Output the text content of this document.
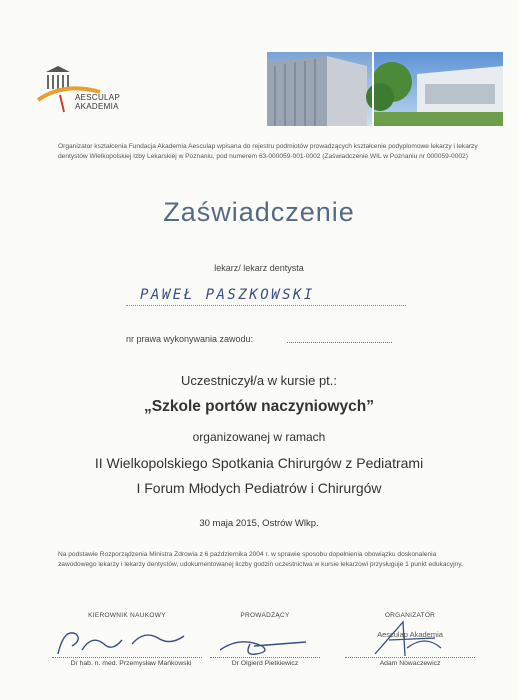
AESCULAP
AKADEMIA
Organizator kształcenia Fundacja Akademia Aesculap wpisana do rejestru podmiotów prowadzących kształcenie podyplomowe lekarzy i lekarzy dentystów Wielkopolskiej Izby Lekarskiej w Poznaniu, pod numerem 63-000059-001-0002 (Zaświadczenie WIL w Poznaniu nr 000059-0002)
Zaświadczenie
lekarz/ lekarz dentysta
PAWEŁ PASZKOWSKI
nr prawa wykonywania zawodu:
Uczestniczył/a w kursie pt.:
„Szkole portów naczyniowych”
organizowanej w ramach
II Wielkopolskiego Spotkania Chirurgów z Pediatrami
I Forum Młodych Pediatrów i Chirurgów
30 maja 2015, Ostrów Wlkp.
Na podstawie Rozporządzenia Ministra Zdrowia z 6 października 2004 r. w sprawie sposobu dopełnienia obowiązku doskonalenia zawodowego lekarzy i lekarzy dentystów, udokumentowanej liczby godzin uczestnictwa w kursie lekarzowi przysługuje 1 punkt edukacyjny.
KIEROWNIK NAUKOWY
Dr hab. n. med. Przemysław Mańkowski
PROWADZĄCY
Dr Olgierd Pietkiewicz
ORGANIZATOR
Aesculap Akademia
Adam Nowaczewicz
